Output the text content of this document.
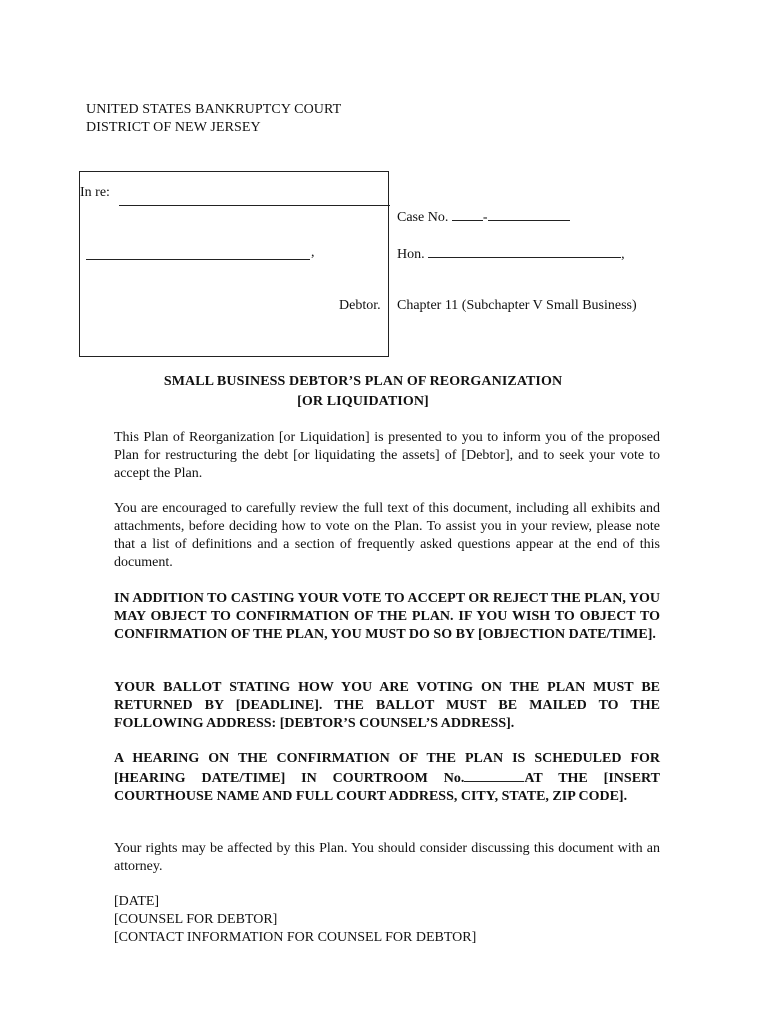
UNITED STATES BANKRUPTCY COURT
DISTRICT OF NEW JERSEY
In re:
,
Debtor.
Case No. -
Hon.	,
Chapter 11 (Subchapter V Small Business)
SMALL BUSINESS DEBTOR’S PLAN OF REORGANIZATION
[OR LIQUIDATION]
This Plan of Reorganization [or Liquidation] is presented to you to inform you of the proposed Plan for restructuring the debt [or liquidating the assets] of [Debtor], and to seek your vote to accept the Plan.
You are encouraged to carefully review the full text of this document, including all exhibits and attachments, before deciding how to vote on the Plan. To assist you in your review, please note that a list of definitions and a section of frequently asked questions appear at the end of this document.
IN ADDITION TO CASTING YOUR VOTE TO ACCEPT OR REJECT THE PLAN, YOU MAY OBJECT TO CONFIRMATION OF THE PLAN. IF YOU WISH TO OBJECT TO CONFIRMATION OF THE PLAN, YOU MUST DO SO BY [OBJECTION DATE/TIME].
YOUR BALLOT STATING HOW YOU ARE VOTING ON THE PLAN MUST BE RETURNED BY [DEADLINE]. THE BALLOT MUST BE MAILED TO THE FOLLOWING ADDRESS: [DEBTOR’S COUNSEL’S ADDRESS].
A HEARING ON THE CONFIRMATION OF THE PLAN IS SCHEDULED FOR [HEARING DATE/TIME] IN COURTROOM No.	AT THE [INSERT COURTHOUSE NAME AND FULL COURT ADDRESS, CITY, STATE, ZIP CODE].
Your rights may be affected by this Plan. You should consider discussing this document with an attorney.
[DATE]
[COUNSEL FOR DEBTOR]
[CONTACT INFORMATION FOR COUNSEL FOR DEBTOR]
